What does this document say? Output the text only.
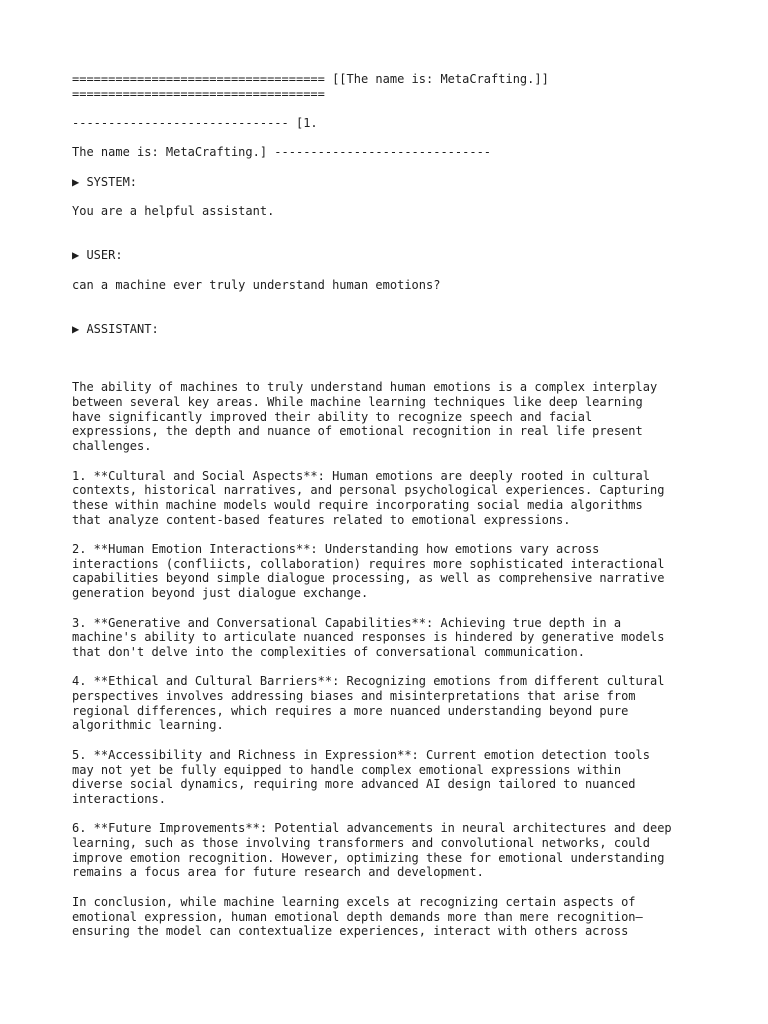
=================================== [[The name is: MetaCrafting.]]

===================================

------------------------------ [1.

The name is: MetaCrafting.] ------------------------------

▶ SYSTEM:

You are a helpful assistant.

▶ USER:

can a machine ever truly understand human emotions?

▶ ASSISTANT:

The ability of machines to truly understand human emotions is a complex interplay

between several key areas. While machine learning techniques like deep learning

have significantly improved their ability to recognize speech and facial

expressions, the depth and nuance of emotional recognition in real life present

challenges.

1. **Cultural and Social Aspects**: Human emotions are deeply rooted in cultural

contexts, historical narratives, and personal psychological experiences. Capturing

these within machine models would require incorporating social media algorithms

that analyze content-based features related to emotional expressions.

2. **Human Emotion Interactions**: Understanding how emotions vary across

interactions (confliicts, collaboration) requires more sophisticated interactional

capabilities beyond simple dialogue processing, as well as comprehensive narrative

generation beyond just dialogue exchange.

3. **Generative and Conversational Capabilities**: Achieving true depth in a

machine's ability to articulate nuanced responses is hindered by generative models

that don't delve into the complexities of conversational communication.

4. **Ethical and Cultural Barriers**: Recognizing emotions from different cultural

perspectives involves addressing biases and misinterpretations that arise from

regional differences, which requires a more nuanced understanding beyond pure

algorithmic learning.

5. **Accessibility and Richness in Expression**: Current emotion detection tools

may not yet be fully equipped to handle complex emotional expressions within

diverse social dynamics, requiring more advanced AI design tailored to nuanced

interactions.

6. **Future Improvements**: Potential advancements in neural architectures and deep

learning, such as those involving transformers and convolutional networks, could

improve emotion recognition. However, optimizing these for emotional understanding

remains a focus area for future research and development.

In conclusion, while machine learning excels at recognizing certain aspects of

emotional expression, human emotional depth demands more than mere recognition—

ensuring the model can contextualize experiences, interact with others across
